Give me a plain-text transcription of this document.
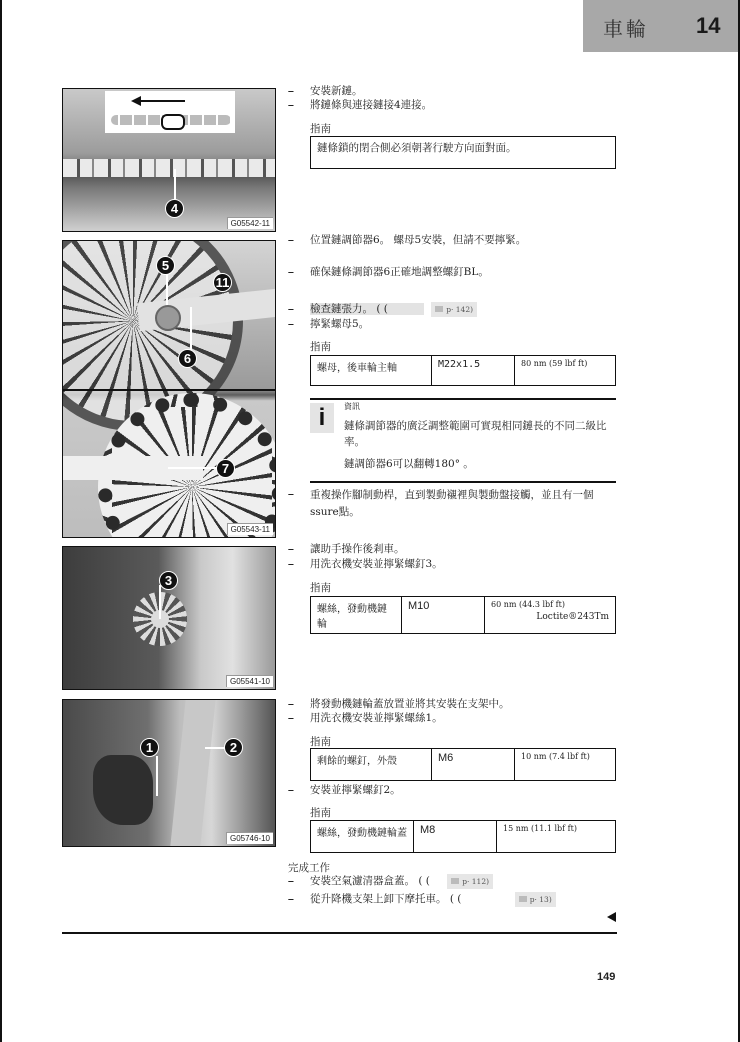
車輪 14
4
G05542-11
5
11
6
7
G05543-11
3
G05541-10
1	2
G05746-10
–	安裝新鏈。
–	將鏈條與連接鏈接4連接。
指南
鏈條鎖的閉合側必須朝著行駛方向面對面。
–	位置鏈調節器6。 螺母5安裝，但請不要擰緊。
–	確保鏈條調節器6正確地調整螺釘BL。
–	檢查鏈張力。 ( (	p· 142)
–	擰緊螺母5。
指南
螺母，後車輪主軸	M22x1.5	80 nm (59 lbf ft)
i	資訊
鏈條調節器的廣泛調整範圍可實現相同鏈長的不同二級比率。
鏈調節器6可以翻轉180° 。
–	重複操作腳制動桿，直到製動襯裡與製動盤接觸，並且有一個ssure點。
–	讓助手操作後剎車。
–	用洗衣機安裝並擰緊螺釘3。
指南
螺絲，發動機鏈輪	M10	60 nm (44.3 lbf ft)
Loctite®243Tm
–	將發動機鏈輪蓋放置並將其安裝在支架中。
–	用洗衣機安裝並擰緊螺絲1。
指南
剩餘的螺釘，外殼	M6	10 nm (7.4 lbf ft)
–	安裝並擰緊螺釘2。
指南
螺絲，發動機鏈輪蓋	M8	15 nm (11.1 lbf ft)
完成工作
–	安裝空氣濾清器盒蓋。 ( (	p· 112)
–	從升降機支架上卸下摩托車。 ( (	p· 13)
149
